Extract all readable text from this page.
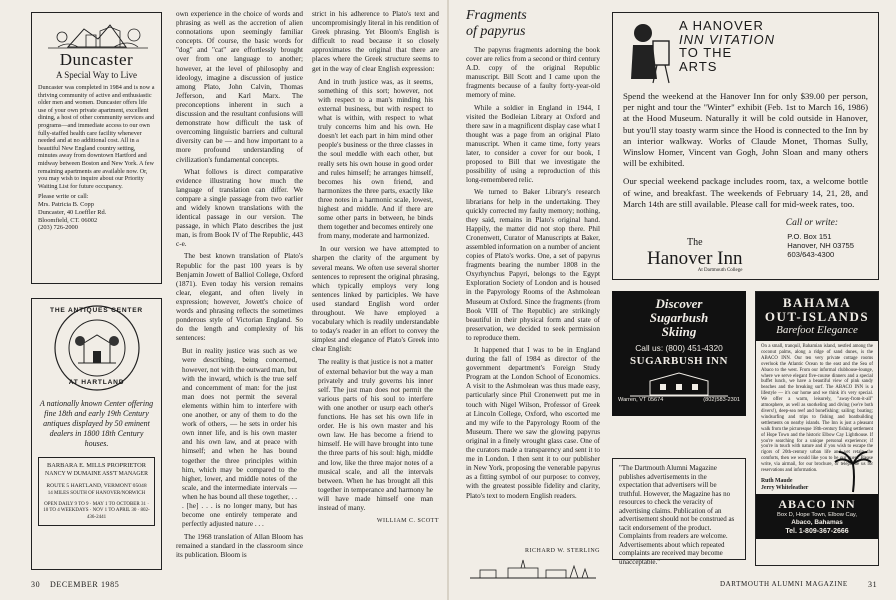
Duncaster
A Special Way to Live
Duncaster was completed in 1984 and is now a thriving community of active and enthusiastic older men and women. Duncaster offers life use of your own private apartment, excellent dining, a host of other community services and programs—and immediate access to our own fully-staffed health care facility whenever needed and at no additional cost. All in a beautiful New England country setting, minutes away from downtown Hartford and midway between Boston and New York. A few remaining apartments are available now. Or, you may wish to inquire about our Priority Waiting List for future occupancy.
Please write or call:
Mrs. Patricia B. Copp
Duncaster, 40 Loeffler Rd.
Bloomfield, CT. 06002
(203) 726-2000
THE ANTIQUES CENTER
AT HARTLAND
A nationally known Center offering fine 18th and early 19th Century antiques displayed by 50 eminent dealers in 1800 18th Century houses.
BARBARA E. MILLS PROPRIETOR
NANCY W DUMAINE ASS'T MANAGER
ROUTE 5 HARTLAND, VERMONT 05048
14 MILES SOUTH OF HANOVER/NORWICH
OPEN DAILY 9 TO 9 · MAY 1 TO OCTOBER 31 · 10 TO 4 WEEKDAYS · NOV 1 TO APRIL 30 · 802-436-2441

own experience in the choice of words and phrasing as well as the accretion of alien connotations upon seemingly familiar concepts. Of course, the basic words for "dog" and "cat" are effortlessly brought over from one language to another; however, at the level of philosophy and ideology, imagine a discussion of justice among Plato, John Calvin, Thomas Jefferson, and Karl Marx. The preconceptions inherent in such a discussion and the resultant confusions will demonstrate how difficult the task of overcoming linguistic barriers and cultural diversity can be — and how important to a more profound understanding of civilization's fundamental concepts.

What follows is direct comparative evidence illustrating how much the language of translation can differ. We compare a single passage from two earlier and widely known translations with the identical passage in our version. The passage, in which Plato describes the just man, is from Book IV of The Republic, 443 c-e.

The best known translation of Plato's Republic for the past 100 years is by Benjamin Jowett of Balliol College, Oxford (1871). Even today his version remains clear, elegant, and often lively in expression; however, Jowett's choice of words and phrasing reflects the sometimes ponderous style of Victorian England. So do the length and complexity of his sentences:

But in reality justice was such as we were describing, being concerned, however, not with the outward man, but with the inward, which is the true self and concernment of man: for the just man does not permit the several elements within him to interfere with one another, or any of them to do the work of others, — he sets in order his own inner life, and is his own master and his own law, and at peace with himself; and when he has bound together the three principles within him, which may be compared to the higher, lower, and middle notes of the scale, and the intermediate intervals — when he has bound all these together, . . . [he] . . . is no longer many, but has become one entirely temperate and perfectly adjusted nature . . .

The 1968 translation of Allan Bloom has remained a standard in the classroom since its publication. Bloom is

strict in his adherence to Plato's text and uncompromisingly literal in his rendition of Greek phrasing. Yet Bloom's English is difficult to read because it so closely approximates the original that there are places where the Greek structure seems to get in the way of clear English expression:

And in truth justice was, as it seems, something of this sort; however, not with respect to a man's minding his external business, but with respect to what is within, with respect to what truly concerns him and his own. He doesn't let each part in him mind other people's business or the three classes in the soul meddle with each other, but really sets his own house in good order and rules himself; he arranges himself, becomes his own friend, and harmonizes the three parts, exactly like three notes in a harmonic scale, lowest, highest and middle. And if there are some other parts in between, he binds them together and becomes entirely one from many, moderate and harmonized.

In our version we have attempted to sharpen the clarity of the argument by several means. We often use several shorter sentences to represent the original phrasing, which typically employs very long sentences linked by participles. We have used standard English word order throughout. We have employed a vocabulary which is readily understandable to today's reader in an effort to convey the simplest and elegance of Plato's Greek into clear English:

The reality is that justice is not a matter of external behavior but the way a man privately and truly governs his inner self. The just man does not permit the various parts of his soul to interfere with one another or usurp each other's functions. He has set his own life in order. He is his own master and his own law. He has become a friend to himself. He will have brought into tune the three parts of his soul: high, middle and low, like the three major notes of a musical scale, and all the intervals between. When he has brought all this together in temperance and harmony he will have made himself one man instead of many.

WILLIAM C. SCOTT
30 DECEMBER 1985
Fragments
of papyrus

The papyrus fragments adorning the book cover are relics from a second or third century A.D. copy of the original Republic manuscript. Bill Scott and I came upon the fragments because of a faulty forty-year-old memory of mine.

While a soldier in England in 1944, I visited the Bodleian Library at Oxford and there saw in a magnificent display case what I thought was a page from an original Plato manuscript. When it came time, forty years later, to consider a cover for our book, I proposed to Bill that we investigate the possibility of using a reproduction of this long-remembered relic.

We turned to Baker Library's research librarians for help in the undertaking. They quickly corrected my faulty memory; nothing, they said, remains in Plato's original hand. Happily, the matter did not stop there. Phil Cronenwett, Curator of Manuscripts at Baker, assembled information on a number of ancient copies of Plato's works. One, a set of papyrus fragments bearing the number 1808 in the Oxyrhynchus Papyri, belongs to the Egypt Exploration Society of London and is housed in the Papyrology Rooms of the Ashmolean Museum at Oxford. Since the fragments (from Book VIII of The Republic) are strikingly beautiful in their physical form and state of preservation, we decided to seek permission to reproduce them.

It happened that I was to be in England during the fall of 1984 as director of the government department's Foreign Study Program at the London School of Economics. A visit to the Ashmolean was thus made easy, particularly since Phil Cronenwett put me in touch with Nigel Wilson, Professor of Greek at Lincoln College, Oxford, who escorted me and my wife to the Papyrology Room of the Museum. There we saw the glowing papyrus original in a finely wrought glass case. One of the curators made a transparency and sent it to me in London. I then sent it to our publisher in New York, proposing the venerable papyrus as a fitting symbol of our purpose: to convey, with the greatest possible fidelity and clarity, Plato's text to modern English readers.

RICHARD W. STERLING
A HANOVER
INN VITATION
TO THE
ARTS
Spend the weekend at the Hanover Inn for only $39.00 per person, per night and tour the "Winter" exhibit (Feb. 1st to March 16, 1986) at the Hood Museum. Naturally it will be cold outside in Hanover, but you'll stay toasty warm since the Hood is connected to the Inn by an interior walkway. Works of Claude Monet, Thomas Sully, Winslow Homer, Vincent van Gogh, John Sloan and many others will be exhibited.
Our special weekend package includes room, tax, a welcome bottle of wine, and breakfast. The weekends of February 14, 21, 28, and March 14th are still available. Please call for mid-week rates, too.
Call or write:
The
Hanover Inn
At Dartmouth College
P.O. Box 151
Hanover, NH 03755
603/643-4300
Discover
Sugarbush
Skiing
Call us: (800) 451-4320
SUGARBUSH INN
Warren, VT 05674	(802)583-2301
"The Dartmouth Alumni Magazine publishes advertisements in the expectation that advertisers will be truthful. However, the Magazine has no resources to check the veracity of advertising claims. Publication of an advertisement should not be construed as tacit endorsement of the product. Complaints from readers are welcome. Advertisements about which repeated complaints are received may become unacceptable."
BAHAMA
OUT-ISLANDS
Barefoot Elegance
On a small, tranquil, Bahamian island, nestled among the coconut palms, along a ridge of sand dunes, is the ABACO INN. Our ten very private cottage rooms overlook the Atlantic Ocean to the east and the Sea of Abaco to the west. From our informal clubhouse-lounge, where we serve elegant five-course dinners and a special buffet lunch, we have a beautiful view of pink sandy beaches and the breaking surf. The ABACO INN is a lifestyle — it's our home and we think it's very special. We offer a warm, leisurely, "away-from-it-all" atmosphere, as well as snorkeling and diving (we're both divers!), deep-sea reef and bonefishing; sailing; boating; windsurfing and trips to fishing and boatbuilding settlements on nearby islands. The Inn is just a pleasant walk from the picturesque 18th-century fishing settlement of Hope Town and the historic Elbow Cay Lighthouse. If you're searching for a unique personal experience; if you're in touch with nature and if you wish to escape the rigors of 20th-century urban life and yet retain the comforts, then we would like you to be our guest. Please write, via airmail, for our brochure, or telephone us for reservations and information.
Ruth Maude
Jerry Whiteleather
ABACO INN
Box D, Hope Town, Elbow Cay,
Abaco, Bahamas
Tel. 1-809-367-2666
DARTMOUTH ALUMNI MAGAZINE	31
